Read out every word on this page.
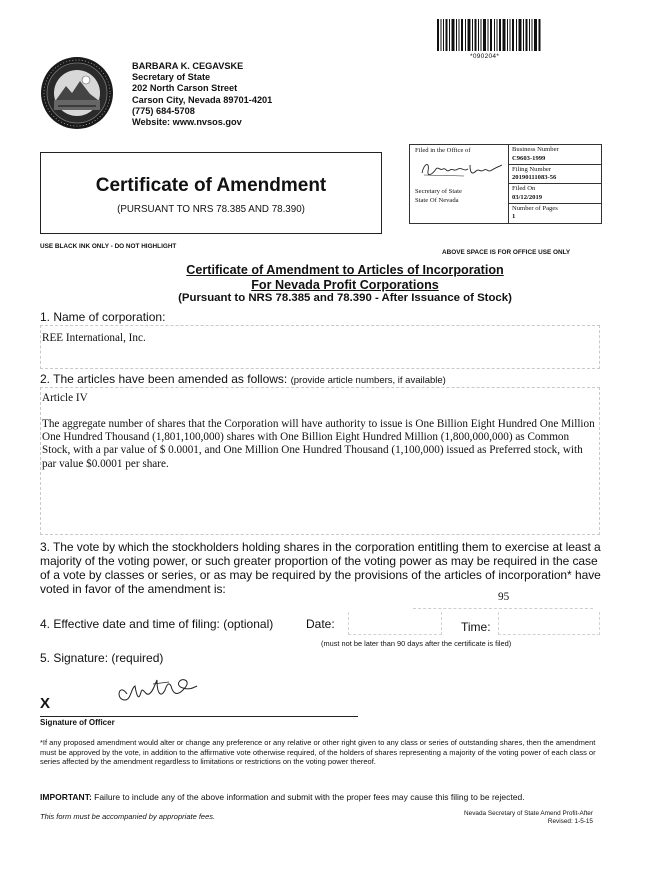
*090204*
BARBARA K. CEGAVSKE
Secretary of State
202 North Carson Street
Carson City, Nevada 89701-4201
(775) 684-5708
Website: www.nvsos.gov
Certificate of Amendment
(PURSUANT TO NRS 78.385 AND 78.390)
Filed in the Office of
Secretary of State
State Of Nevada
Business Number
C9603-1999
Filing Number
20190111083-56
Filed On
03/12/2019
Number of Pages
1
USE BLACK INK ONLY - DO NOT HIGHLIGHT
ABOVE SPACE IS FOR OFFICE USE ONLY
Certificate of Amendment to Articles of Incorporation
For Nevada Profit Corporations
(Pursuant to NRS 78.385 and 78.390 - After Issuance of Stock)
1. Name of corporation:
REE International, Inc.
2. The articles have been amended as follows: (provide article numbers, if available)
Article IV
The aggregate number of shares that the Corporation will have authority to issue is One Billion Eight Hundred One Million One Hundred Thousand (1,801,100,000) shares with One Billion Eight Hundred Million (1,800,000,000) as Common Stock, with a par value of $ 0.0001, and One Million One Hundred Thousand (1,100,000) issued as Preferred stock, with par value $0.0001 per share.
3. The vote by which the stockholders holding shares in the corporation entitling them to exercise at least a majority of the voting power, or such greater proportion of the voting power as may be required in the case of a vote by classes or series, or as may be required by the provisions of the articles of incorporation* have voted in favor of the amendment is:
95
4. Effective date and time of filing: (optional)	Date:	Time:
(must not be later than 90 days after the certificate is filed)
5. Signature: (required)
X
Signature of Officer
*If any proposed amendment would alter or change any preference or any relative or other right given to any class or series of outstanding shares, then the amendment must be approved by the vote, in addition to the affirmative vote otherwise required, of the holders of shares representing a majority of the voting power of each class or series affected by the amendment regardless to limitations or restrictions on the voting power thereof.
IMPORTANT: Failure to include any of the above information and submit with the proper fees may cause this filing to be rejected.
This form must be accompanied by appropriate fees.	Nevada Secretary of State Amend Profit-After
Revised: 1-5-15
